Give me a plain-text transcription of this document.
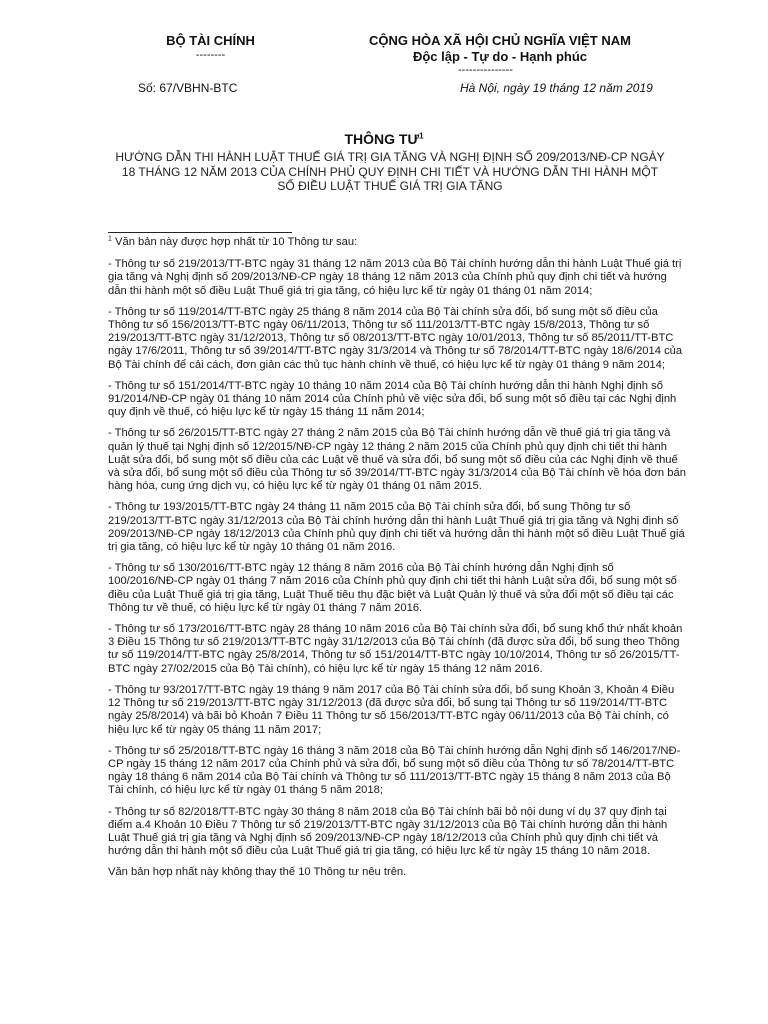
BỘ TÀI CHÍNH
--------
CỘNG HÒA XÃ HỘI CHỦ NGHĨA VIỆT NAM
Độc lập - Tự do - Hạnh phúc
---------------
Số: 67/VBHN-BTC	Hà Nội, ngày 19 tháng 12 năm 2019
THÔNG $TƯ^1$
HƯỚNG DẪN THI HÀNH LUẬT THUẾ GIÁ TRỊ GIA TĂNG VÀ NGHỊ ĐỊNH SỐ 209/2013/NĐ-CP NGÀY 18 THÁNG 12 NĂM 2013 CỦA CHÍNH PHỦ QUY ĐỊNH CHI TIẾT VÀ HƯỚNG DẪN THI HÀNH MỘT SỐ ĐIỀU LUẬT THUẾ GIÁ TRỊ GIA TĂNG

$^1$ Văn bản này được hợp nhất từ 10 Thông tư sau:

- Thông tư số 219/2013/TT-BTC ngày 31 tháng 12 năm 2013 của Bộ Tài chính hướng dẫn thi hành Luật Thuế giá trị gia tăng và Nghị định số 209/2013/NĐ-CP ngày 18 tháng 12 năm 2013 của Chính phủ quy định chi tiết và hướng dẫn thi hành một số điều Luật Thuế giá trị gia tăng, có hiệu lực kể từ ngày 01 tháng 01 năm 2014;

- Thông tư số 119/2014/TT-BTC ngày 25 tháng 8 năm 2014 của Bộ Tài chính sửa đổi, bổ sung một số điều của Thông tư số 156/2013/TT-BTC ngày 06/11/2013, Thông tư số 111/2013/TT-BTC ngày 15/8/2013, Thông tư số 219/2013/TT-BTC ngày 31/12/2013, Thông tư số 08/2013/TT-BTC ngày 10/01/2013, Thông tư số 85/2011/TT-BTC ngày 17/6/2011, Thông tư số 39/2014/TT-BTC ngày 31/3/2014 và Thông tư số 78/2014/TT-BTC ngày 18/6/2014 của Bộ Tài chính để cải cách, đơn giản các thủ tục hành chính về thuế, có hiệu lực kể từ ngày 01 tháng 9 năm 2014;

- Thông tư số 151/2014/TT-BTC ngày 10 tháng 10 năm 2014 của Bộ Tài chính hướng dẫn thi hành Nghị định số 91/2014/NĐ-CP ngày 01 tháng 10 năm 2014 của Chính phủ về việc sửa đổi, bổ sung một số điều tại các Nghị định quy định về thuế, có hiệu lực kể từ ngày 15 tháng 11 năm 2014;

- Thông tư số 26/2015/TT-BTC ngày 27 tháng 2 năm 2015 của Bộ Tài chính hướng dẫn về thuế giá trị gia tăng và quản lý thuế tại Nghị định số 12/2015/NĐ-CP ngày 12 tháng 2 năm 2015 của Chính phủ quy định chi tiết thi hành Luật sửa đổi, bổ sung một số điều của các Luật về thuế và sửa đổi, bổ sung một số điều của các Nghị định về thuế và sửa đổi, bổ sung một số điều của Thông tư số 39/2014/TT-BTC ngày 31/3/2014 của Bộ Tài chính về hóa đơn bán hàng hóa, cung ứng dịch vụ, có hiệu lực kể từ ngày 01 tháng 01 năm 2015.

- Thông tư 193/2015/TT-BTC ngày 24 tháng 11 năm 2015 của Bộ Tài chính sửa đổi, bổ sung Thông tư số 219/2013/TT-BTC ngày 31/12/2013 của Bộ Tài chính hướng dẫn thi hành Luật Thuế giá trị gia tăng và Nghị định số 209/2013/NĐ-CP ngày 18/12/2013 của Chính phủ quy định chi tiết và hướng dẫn thi hành một số điều Luật Thuế giá trị gia tăng, có hiệu lực kể từ ngày 10 tháng 01 năm 2016.

- Thông tư số 130/2016/TT-BTC ngày 12 tháng 8 năm 2016 của Bộ Tài chính hướng dẫn Nghị định số 100/2016/NĐ-CP ngày 01 tháng 7 năm 2016 của Chính phủ quy định chi tiết thi hành Luật sửa đổi, bổ sung một số điều của Luật Thuế giá trị gia tăng, Luật Thuế tiêu thụ đặc biệt và Luật Quản lý thuế và sửa đổi một số điều tại các Thông tư về thuế, có hiệu lực kể từ ngày 01 tháng 7 năm 2016.

- Thông tư số 173/2016/TT-BTC ngày 28 tháng 10 năm 2016 của Bộ Tài chính sửa đổi, bổ sung khổ thứ nhất khoản 3 Điều 15 Thông tư số 219/2013/TT-BTC ngày 31/12/2013 của Bộ Tài chính (đã được sửa đổi, bổ sung theo Thông tư số 119/2014/TT-BTC ngày 25/8/2014, Thông tư số 151/2014/TT-BTC ngày 10/10/2014, Thông tư số 26/2015/TT-BTC ngày 27/02/2015 của Bộ Tài chính), có hiệu lực kể từ ngày 15 tháng 12 năm 2016.

- Thông tư 93/2017/TT-BTC ngày 19 tháng 9 năm 2017 của Bộ Tài chính sửa đổi, bổ sung Khoản 3, Khoản 4 Điều 12 Thông tư số 219/2013/TT-BTC ngày 31/12/2013 (đã được sửa đổi, bổ sung tại Thông tư số 119/2014/TT-BTC ngày 25/8/2014) và bãi bỏ Khoản 7 Điều 11 Thông tư số 156/2013/TT-BTC ngày 06/11/2013 của Bộ Tài chính, có hiệu lực kể từ ngày 05 tháng 11 năm 2017;

- Thông tư số 25/2018/TT-BTC ngày 16 tháng 3 năm 2018 của Bộ Tài chính hướng dẫn Nghị định số 146/2017/NĐ-CP ngày 15 tháng 12 năm 2017 của Chính phủ và sửa đổi, bổ sung một số điều của Thông tư số 78/2014/TT-BTC ngày 18 tháng 6 năm 2014 của Bộ Tài chính và Thông tư số 111/2013/TT-BTC ngày 15 tháng 8 năm 2013 của Bộ Tài chính, có hiệu lực kể từ ngày 01 tháng 5 năm 2018;

- Thông tư số 82/2018/TT-BTC ngày 30 tháng 8 năm 2018 của Bộ Tài chính bãi bỏ nội dung ví dụ 37 quy định tại điểm a.4 Khoản 10 Điều 7 Thông tư số 219/2013/TT-BTC ngày 31/12/2013 của Bộ Tài chính hướng dẫn thi hành Luật Thuế giá trị gia tăng và Nghị định số 209/2013/NĐ-CP ngày 18/12/2013 của Chính phủ quy định chi tiết và hướng dẫn thi hành một số điều của Luật Thuế giá trị gia tăng, có hiệu lực kể từ ngày 15 tháng 10 năm 2018.

Văn bản hợp nhất này không thay thế 10 Thông tư nêu trên.
